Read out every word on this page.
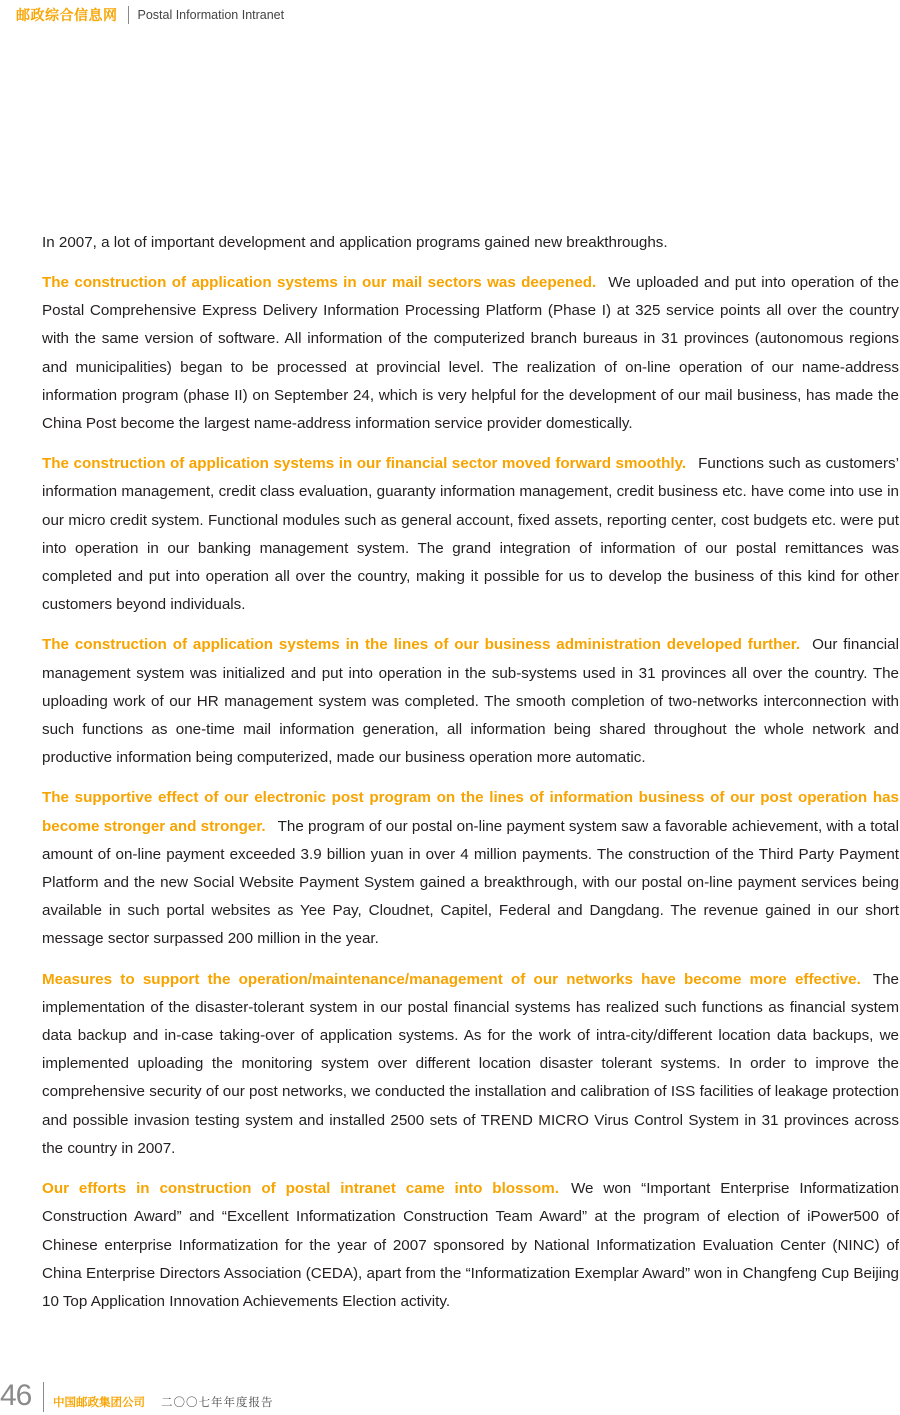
邮政综合信息网 Postal Information Intranet

In 2007, a lot of important development and application programs gained new breakthroughs.

The construction of application systems in our mail sectors was deepened. We uploaded and put into operation of the Postal Comprehensive Express Delivery Information Processing Platform (Phase I) at 325 service points all over the country with the same version of software. All information of the computerized branch bureaus in 31 provinces (autonomous regions and municipalities) began to be processed at provincial level. The realization of on-line operation of our name-address information program (phase II) on September 24, which is very helpful for the development of our mail business, has made the China Post become the largest name-address information service provider domestically.

The construction of application systems in our financial sector moved forward smoothly. Functions such as customers’ information management, credit class evaluation, guaranty information management, credit business etc. have come into use in our micro credit system. Functional modules such as general account, fixed assets, reporting center, cost budgets etc. were put into operation in our banking management system. The grand integration of information of our postal remittances was completed and put into operation all over the country, making it possible for us to develop the business of this kind for other customers beyond individuals.

The construction of application systems in the lines of our business administration developed further. Our financial management system was initialized and put into operation in the sub-systems used in 31 provinces all over the country. The uploading work of our HR management system was completed. The smooth completion of two-networks interconnection with such functions as one-time mail information generation, all information being shared throughout the whole network and productive information being computerized, made our business operation more automatic.

The supportive effect of our electronic post program on the lines of information business of our post operation has become stronger and stronger. The program of our postal on-line payment system saw a favorable achievement, with a total amount of on-line payment exceeded 3.9 billion yuan in over 4 million payments. The construction of the Third Party Payment Platform and the new Social Website Payment System gained a breakthrough, with our postal on-line payment services being available in such portal websites as Yee Pay, Cloudnet, Capitel, Federal and Dangdang. The revenue gained in our short message sector surpassed 200 million in the year.

Measures to support the operation/maintenance/management of our networks have become more effective. The implementation of the disaster-tolerant system in our postal financial systems has realized such functions as financial system data backup and in-case taking-over of application systems. As for the work of intra-city/different location data backups, we implemented uploading the monitoring system over different location disaster tolerant systems. In order to improve the comprehensive security of our post networks, we conducted the installation and calibration of ISS facilities of leakage protection and possible invasion testing system and installed 2500 sets of TREND MICRO Virus Control System in 31 provinces across the country in 2007.

Our efforts in construction of postal intranet came into blossom. We won “Important Enterprise Informatization Construction Award” and “Excellent Informatization Construction Team Award” at the program of election of iPower500 of Chinese enterprise Informatization for the year of 2007 sponsored by National Informatization Evaluation Center (NINC) of China Enterprise Directors Association (CEDA), apart from the “Informatization Exemplar Award” won in Changfeng Cup Beijing 10 Top Application Innovation Achievements Election activity.

46 中国邮政集团公司 二〇〇七年年度报告
